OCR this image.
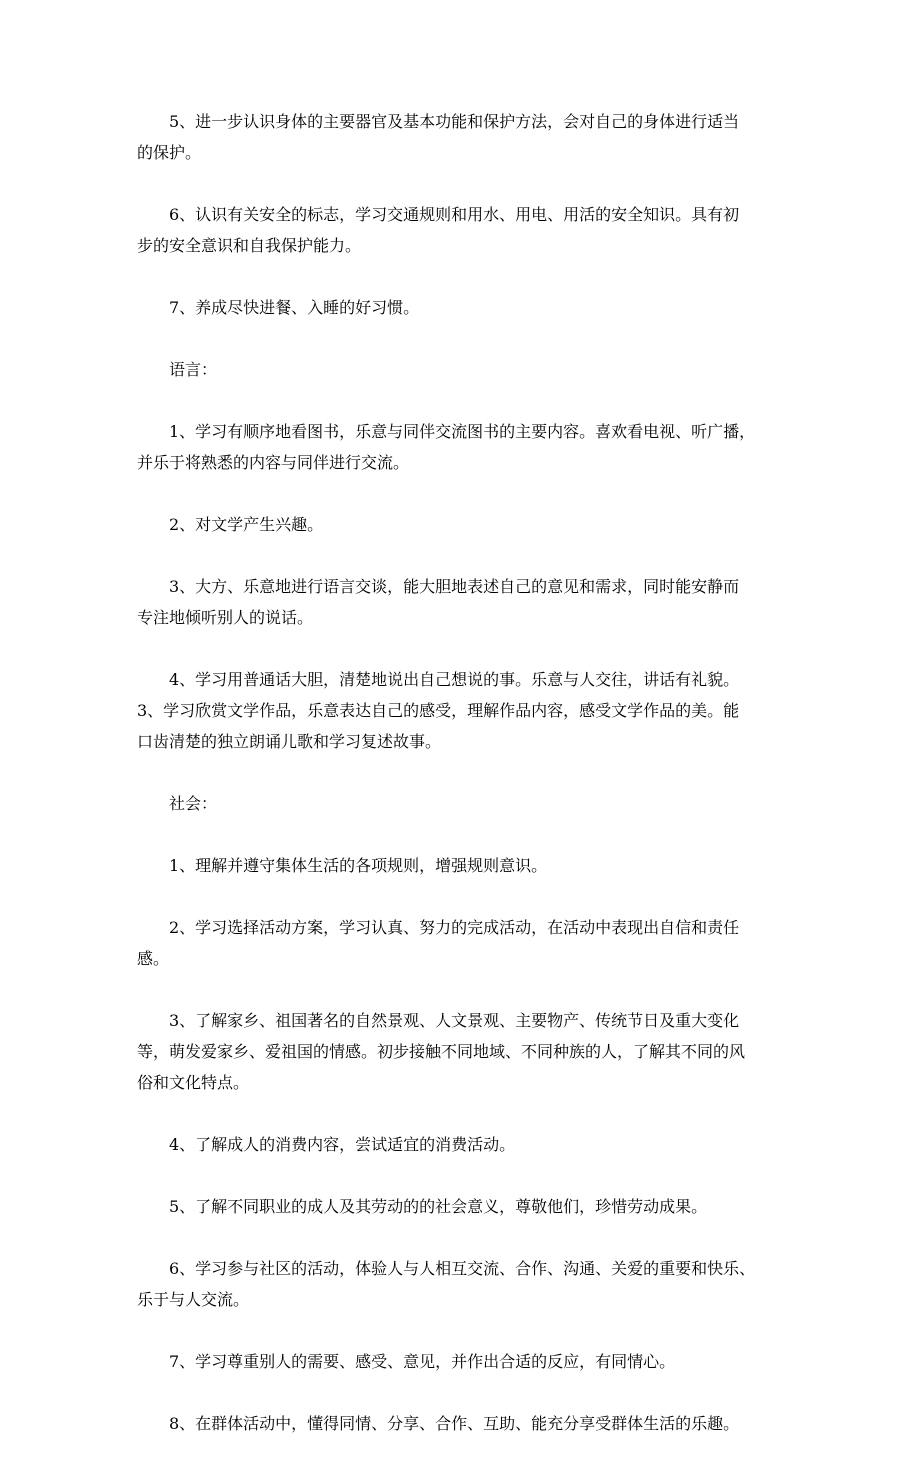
5、进一步认识身体的主要器官及基本功能和保护方法，会对自己的身体进行适当
的保护。

6、认识有关安全的标志，学习交通规则和用水、用电、用活的安全知识。具有初
步的安全意识和自我保护能力。

7、养成尽快进餐、入睡的好习惯。

语言：

1、学习有顺序地看图书，乐意与同伴交流图书的主要内容。喜欢看电视、听广播，
并乐于将熟悉的内容与同伴进行交流。

2、对文学产生兴趣。

3、大方、乐意地进行语言交谈，能大胆地表述自己的意见和需求，同时能安静而
专注地倾听别人的说话。

4、学习用普通话大胆，清楚地说出自己想说的事。乐意与人交往，讲话有礼貌。
3、学习欣赏文学作品，乐意表达自己的感受，理解作品内容，感受文学作品的美。能
口齿清楚的独立朗诵儿歌和学习复述故事。

社会：

1、理解并遵守集体生活的各项规则，增强规则意识。

2、学习选择活动方案，学习认真、努力的完成活动，在活动中表现出自信和责任
感。

3、了解家乡、祖国著名的自然景观、人文景观、主要物产、传统节日及重大变化
等，萌发爱家乡、爱祖国的情感。初步接触不同地域、不同种族的人，了解其不同的风
俗和文化特点。

4、了解成人的消费内容，尝试适宜的消费活动。

5、了解不同职业的成人及其劳动的的社会意义，尊敬他们，珍惜劳动成果。

6、学习参与社区的活动，体验人与人相互交流、合作、沟通、关爱的重要和快乐、
乐于与人交流。

7、学习尊重别人的需要、感受、意见，并作出合适的反应，有同情心。

8、在群体活动中，懂得同情、分享、合作、互助、能充分享受群体生活的乐趣。
